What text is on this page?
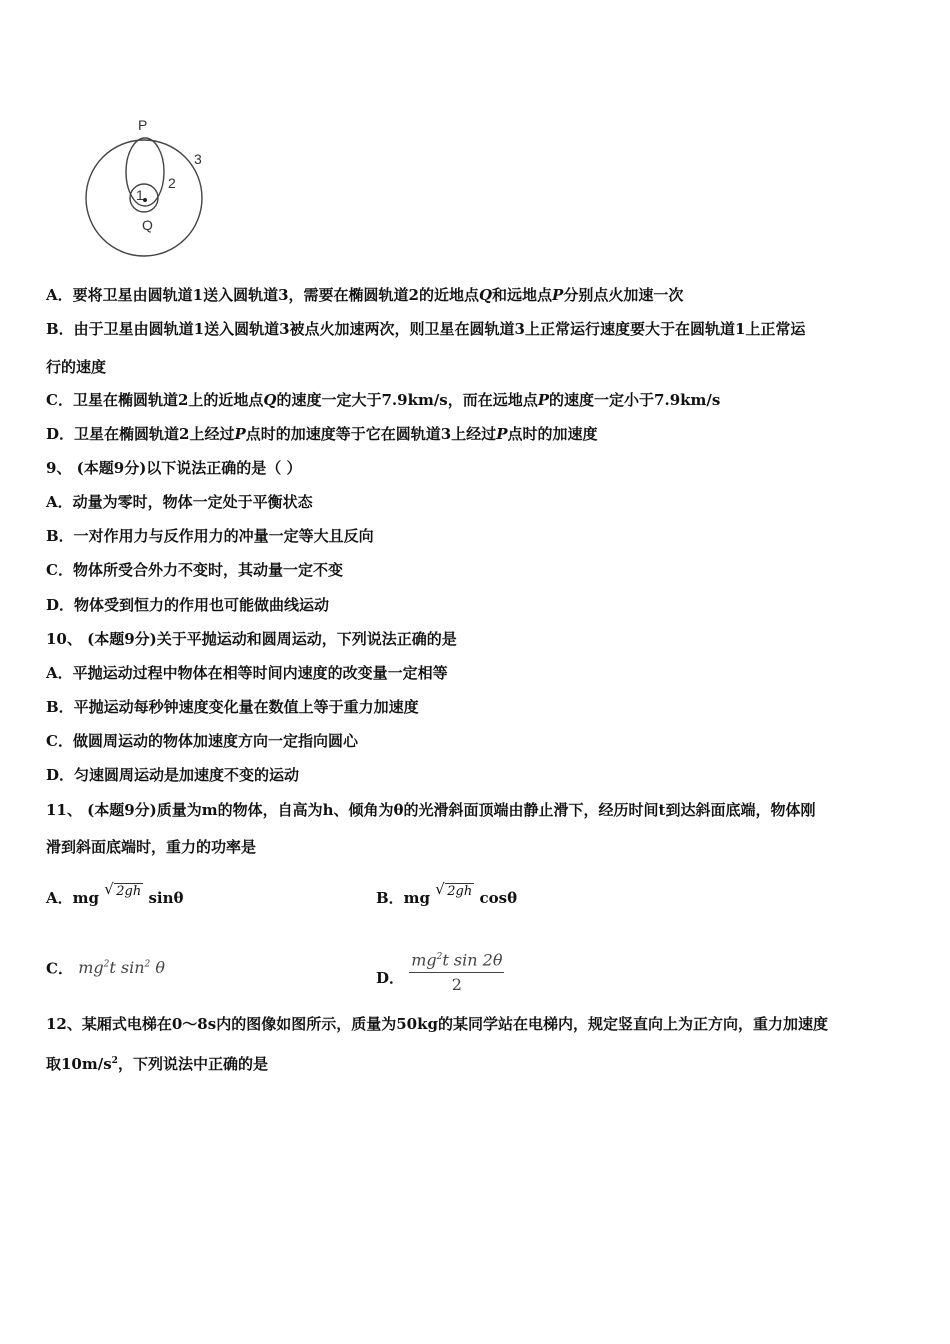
P
Q
1
2
3
A．要将卫星由圆轨道1送入圆轨道3，需要在椭圆轨道2的近地点Q和远地点P分别点火加速一次
B．由于卫星由圆轨道1送入圆轨道3被点火加速两次，则卫星在圆轨道3上正常运行速度要大于在圆轨道1上正常运
行的速度
C．卫星在椭圆轨道2上的近地点Q的速度一定大于7.9km/s，而在远地点P的速度一定小于7.9km/s
D．卫星在椭圆轨道2上经过P点时的加速度等于它在圆轨道3上经过P点时的加速度
9、 (本题9分)以下说法正确的是（ ）
A．动量为零时，物体一定处于平衡状态
B．一对作用力与反作用力的冲量一定等大且反向
C．物体所受合外力不变时，其动量一定不变
D．物体受到恒力的作用也可能做曲线运动
10、 (本题9分)关于平抛运动和圆周运动，下列说法正确的是
A．平抛运动过程中物体在相等时间内速度的改变量一定相等
B．平抛运动每秒钟速度变化量在数值上等于重力加速度
C．做圆周运动的物体加速度方向一定指向圆心
D．匀速圆周运动是加速度不变的运动
11、 (本题9分)质量为m的物体，自高为h、倾角为θ的光滑斜面顶端由静止滑下，经历时间t到达斜面底端，物体刚
滑到斜面底端时，重力的功率是
A．mg √ 2gh sinθ	B．mg √ 2gh cosθ
C． $mg^2t$ $\sin^2 \theta$
D． $\frac{mg^2t \sin 2\theta}{2}$
12、某厢式电梯在0～8s内的图像如图所示，质量为50kg的某同学站在电梯内，规定竖直向上为正方向，重力加速度
取$10m/s^2$，下列说法中正确的是
